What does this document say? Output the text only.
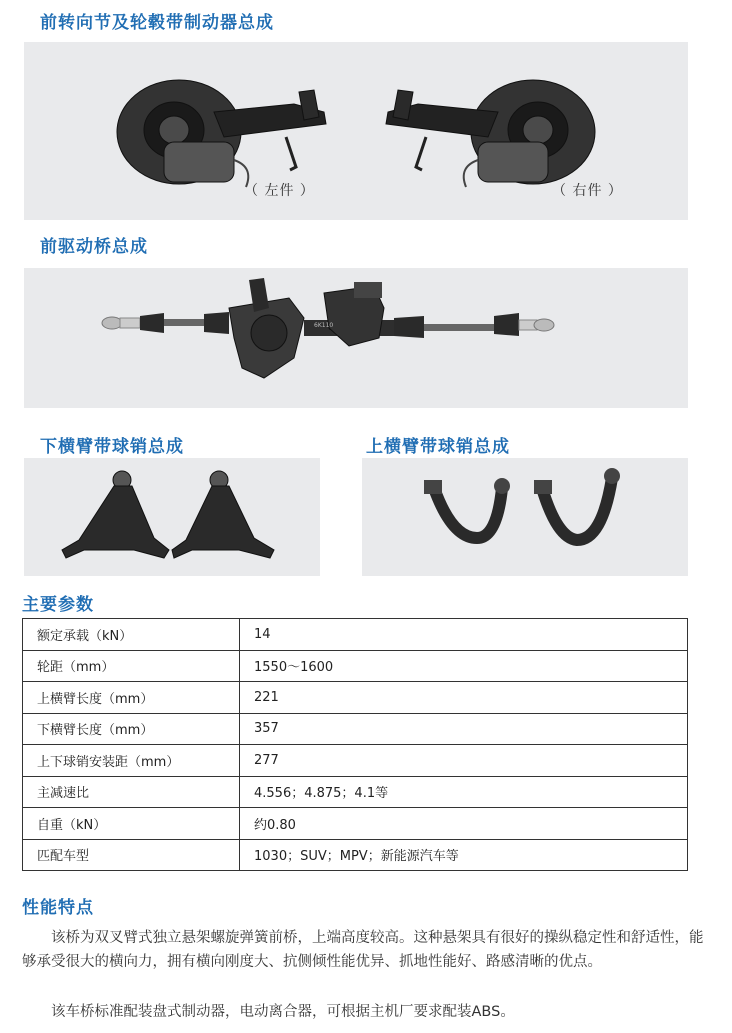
前转向节及轮毂带制动器总成
（ 左件 ）	（ 右件 ）
前驱动桥总成
6K110
下横臂带球销总成	上横臂带球销总成
主要参数
额定承载（kN）	14
轮距（mm）	1550～1600
上横臂长度（mm）	221
下横臂长度（mm）	357
上下球销安装距（mm）	277
主减速比	4.556；4.875；4.1等
自重（kN）	约0.80
匹配车型	1030；SUV；MPV；新能源汽车等
性能特点
该桥为双叉臂式独立悬架螺旋弹簧前桥，上端高度较高。这种悬架具有很好的操纵稳定性和舒适性，能够承受很大的横向力，拥有横向刚度大、抗侧倾性能优异、抓地性能好、路感清晰的优点。
该车桥标准配装盘式制动器，电动离合器，可根据主机厂要求配装ABS。
